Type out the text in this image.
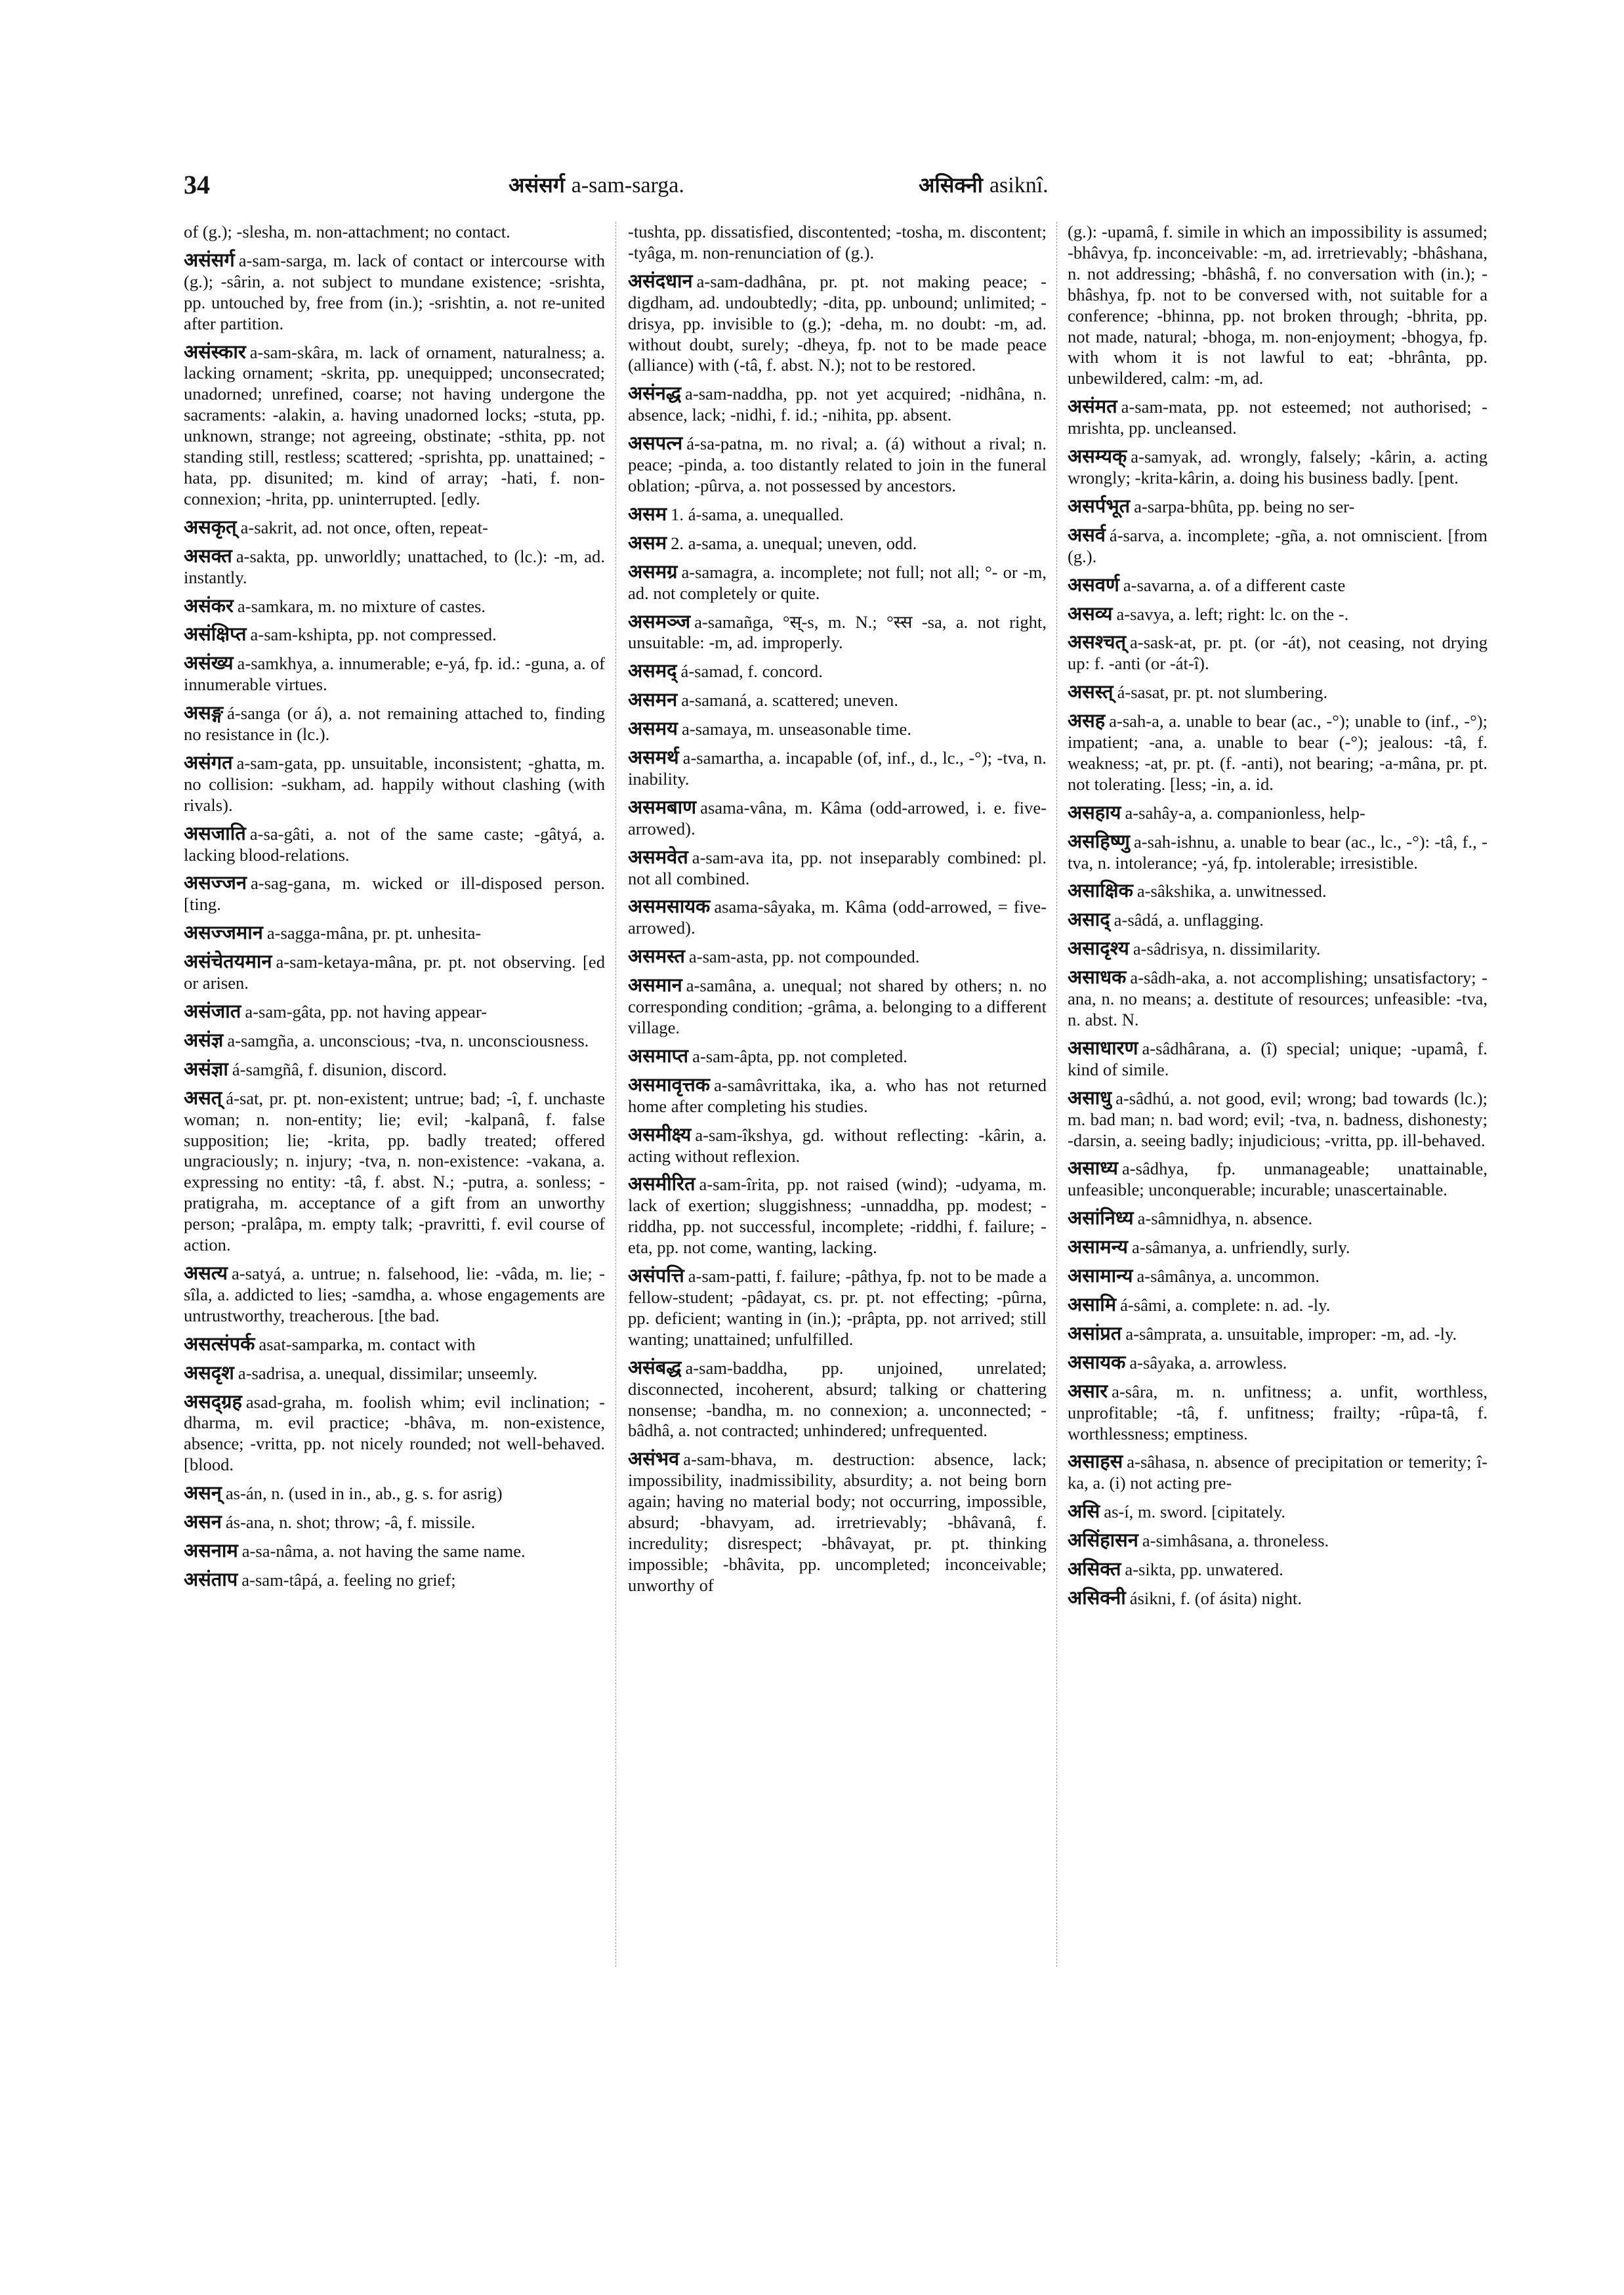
34	असंसर्ग a-sam-sarga.	असिक्नी asiknî.

of (g.); -slesha, m. non-attachment; no contact.

असंसर्ग a-sam-sarga, m. lack of contact or intercourse with (g.); -sârin, a. not subject to mundane existence; -srishta, pp. untouched by, free from (in.); -srishtin, a. not re-united after partition.

असंस्कार a-sam-skâra, m. lack of ornament, naturalness; a. lacking ornament; -skrita, pp. unequipped; unconsecrated; unadorned; unrefined, coarse; not having undergone the sacraments: -alakin, a. having unadorned locks; -stuta, pp. unknown, strange; not agreeing, obstinate; -sthita, pp. not standing still, restless; scattered; -sprishta, pp. unattained; -hata, pp. disunited; m. kind of array; -hati, f. non-connexion; -hrita, pp. uninterrupted. [edly.

असकृत् a-sakrit, ad. not once, often, repeat-

असक्त a-sakta, pp. unworldly; unattached, to (lc.): -m, ad. instantly.

असंकर a-samkara, m. no mixture of castes.

असंक्षिप्त a-sam-kshipta, pp. not compressed.

असंख्य a-samkhya, a. innumerable; e-yá, fp. id.: -guna, a. of innumerable virtues.

असङ्ग á-sanga (or á), a. not remaining attached to, finding no resistance in (lc.).

असंगत a-sam-gata, pp. unsuitable, inconsistent; -ghatta, m. no collision: -sukham, ad. happily without clashing (with rivals).

असजाति a-sa-gâti, a. not of the same caste; -gâtyá, a. lacking blood-relations.

असज्जन a-sag-gana, m. wicked or ill-disposed person. [ting.

असज्जमान a-sagga-mâna, pr. pt. unhesita-

असंचेतयमान a-sam-ketaya-mâna, pr. pt. not observing. [ed or arisen.

असंजात a-sam-gâta, pp. not having appear-

असंज्ञ a-samgña, a. unconscious; -tva, n. unconsciousness.

असंज्ञा á-samgñâ, f. disunion, discord.

असत् á-sat, pr. pt. non-existent; untrue; bad; -î, f. unchaste woman; n. non-entity; lie; evil; -kalpanâ, f. false supposition; lie; -krita, pp. badly treated; offered ungraciously; n. injury; -tva, n. non-existence: -vakana, a. expressing no entity: -tâ, f. abst. N.; -putra, a. sonless; -pratigraha, m. acceptance of a gift from an unworthy person; -pralâpa, m. empty talk; -pravritti, f. evil course of action.

असत्य a-satyá, a. untrue; n. falsehood, lie: -vâda, m. lie; -sîla, a. addicted to lies; -samdha, a. whose engagements are untrustworthy, treacherous. [the bad.

असत्संपर्क asat-samparka, m. contact with

असदृश a-sadrisa, a. unequal, dissimilar; unseemly.

असद्ग्रह asad-graha, m. foolish whim; evil inclination; -dharma, m. evil practice; -bhâva, m. non-existence, absence; -vritta, pp. not nicely rounded; not well-behaved. [blood.

असन् as-án, n. (used in in., ab., g. s. for asrig)

असन ás-ana, n. shot; throw; -â, f. missile.

असनाम a-sa-nâma, a. not having the same name.

असंताप a-sam-tâpá, a. feeling no grief;

-tushta, pp. dissatisfied, discontented; -tosha, m. discontent; -tyâga, m. non-renunciation of (g.).

असंदधान a-sam-dadhâna, pr. pt. not making peace; -digdham, ad. undoubtedly; -dita, pp. unbound; unlimited; -drisya, pp. invisible to (g.); -deha, m. no doubt: -m, ad. without doubt, surely; -dheya, fp. not to be made peace (alliance) with (-tâ, f. abst. N.); not to be restored.

असंनद्ध a-sam-naddha, pp. not yet acquired; -nidhâna, n. absence, lack; -nidhi, f. id.; -nihita, pp. absent.

असपत्न á-sa-patna, m. no rival; a. (á) without a rival; n. peace; -pinda, a. too distantly related to join in the funeral oblation; -pûrva, a. not possessed by ancestors.

असम 1. á-sama, a. unequalled.

असम 2. a-sama, a. unequal; uneven, odd.

असमग्र a-samagra, a. incomplete; not full; not all; °- or -m, ad. not completely or quite.

असमञ्ज a-samañga, °स्-s, m. N.; °स्स -sa, a. not right, unsuitable: -m, ad. improperly.

असमद् á-samad, f. concord.

असमन a-samaná, a. scattered; uneven.

असमय a-samaya, m. unseasonable time.

असमर्थ a-samartha, a. incapable (of, inf., d., lc., -°); -tva, n. inability.

असमबाण asama-vâna, m. Kâma (odd-arrowed, i. e. five-arrowed).

असमवेत a-sam-ava ita, pp. not inseparably combined: pl. not all combined.

असमसायक asama-sâyaka, m. Kâma (odd-arrowed, = five-arrowed).

असमस्त a-sam-asta, pp. not compounded.

असमान a-samâna, a. unequal; not shared by others; n. no corresponding condition; -grâma, a. belonging to a different village.

असमाप्त a-sam-âpta, pp. not completed.

असमावृत्तक a-samâvrittaka, ika, a. who has not returned home after completing his studies.

असमीक्ष्य a-sam-îkshya, gd. without reflecting: -kârin, a. acting without reflexion.

असमीरित a-sam-îrita, pp. not raised (wind); -udyama, m. lack of exertion; sluggishness; -unnaddha, pp. modest; -riddha, pp. not successful, incomplete; -riddhi, f. failure; -eta, pp. not come, wanting, lacking.

असंपत्ति a-sam-patti, f. failure; -pâthya, fp. not to be made a fellow-student; -pâdayat, cs. pr. pt. not effecting; -pûrna, pp. deficient; wanting in (in.); -prâpta, pp. not arrived; still wanting; unattained; unfulfilled.

असंबद्ध a-sam-baddha, pp. unjoined, unrelated; disconnected, incoherent, absurd; talking or chattering nonsense; -bandha, m. no connexion; a. unconnected; -bâdhâ, a. not contracted; unhindered; unfrequented.

असंभव a-sam-bhava, m. destruction: absence, lack; impossibility, inadmissibility, absurdity; a. not being born again; having no material body; not occurring, impossible, absurd; -bhavyam, ad. irretrievably; -bhâvanâ, f. incredulity; disrespect; -bhâvayat, pr. pt. thinking impossible; -bhâvita, pp. uncompleted; inconceivable; unworthy of

(g.): -upamâ, f. simile in which an impossibility is assumed; -bhâvya, fp. inconceivable: -m, ad. irretrievably; -bhâshana, n. not addressing; -bhâshâ, f. no conversation with (in.); -bhâshya, fp. not to be conversed with, not suitable for a conference; -bhinna, pp. not broken through; -bhrita, pp. not made, natural; -bhoga, m. non-enjoyment; -bhogya, fp. with whom it is not lawful to eat; -bhrânta, pp. unbewildered, calm: -m, ad.

असंमत a-sam-mata, pp. not esteemed; not authorised; -mrishta, pp. uncleansed.

असम्यक् a-samyak, ad. wrongly, falsely; -kârin, a. acting wrongly; -krita-kârin, a. doing his business badly. [pent.

असर्पभूत a-sarpa-bhûta, pp. being no ser-

असर्व á-sarva, a. incomplete; -gña, a. not omniscient. [from (g.).

असवर्ण a-savarna, a. of a different caste

असव्य a-savya, a. left; right: lc. on the -.

असश्चत् a-sask-at, pr. pt. (or -át), not ceasing, not drying up: f. -anti (or -át-î).

असस्त् á-sasat, pr. pt. not slumbering.

असह a-sah-a, a. unable to bear (ac., -°); unable to (inf., -°); impatient; -ana, a. unable to bear (-°); jealous: -tâ, f. weakness; -at, pr. pt. (f. -anti), not bearing; -a-mâna, pr. pt. not tolerating. [less; -in, a. id.

असहाय a-sahây-a, a. companionless, help-

असहिष्णु a-sah-ishnu, a. unable to bear (ac., lc., -°): -tâ, f., -tva, n. intolerance; -yá, fp. intolerable; irresistible.

असाक्षिक a-sâkshika, a. unwitnessed.

असाद् a-sâdá, a. unflagging.

असादृश्य a-sâdrisya, n. dissimilarity.

असाधक a-sâdh-aka, a. not accomplishing; unsatisfactory; -ana, n. no means; a. destitute of resources; unfeasible: -tva, n. abst. N.

असाधारण a-sâdhârana, a. (î) special; unique; -upamâ, f. kind of simile.

असाधु a-sâdhú, a. not good, evil; wrong; bad towards (lc.); m. bad man; n. bad word; evil; -tva, n. badness, dishonesty; -darsin, a. seeing badly; injudicious; -vritta, pp. ill-behaved.

असाध्य a-sâdhya, fp. unmanageable; unattainable, unfeasible; unconquerable; incurable; unascertainable.

असांनिध्य a-sâmnidhya, n. absence.

असामन्य a-sâmanya, a. unfriendly, surly.

असामान्य a-sâmânya, a. uncommon.

असामि á-sâmi, a. complete: n. ad. -ly.

असांप्रत a-sâmprata, a. unsuitable, improper: -m, ad. -ly.

असायक a-sâyaka, a. arrowless.

असार a-sâra, m. n. unfitness; a. unfit, worthless, unprofitable; -tâ, f. unfitness; frailty; -rûpa-tâ, f. worthlessness; emptiness.

असाहस a-sâhasa, n. absence of precipitation or temerity; î-ka, a. (i) not acting pre-

असि as-í, m. sword. [cipitately.

असिंहासन a-simhâsana, a. throneless.

असिक्त a-sikta, pp. unwatered.

असिक्नी ásikni, f. (of ásita) night.
